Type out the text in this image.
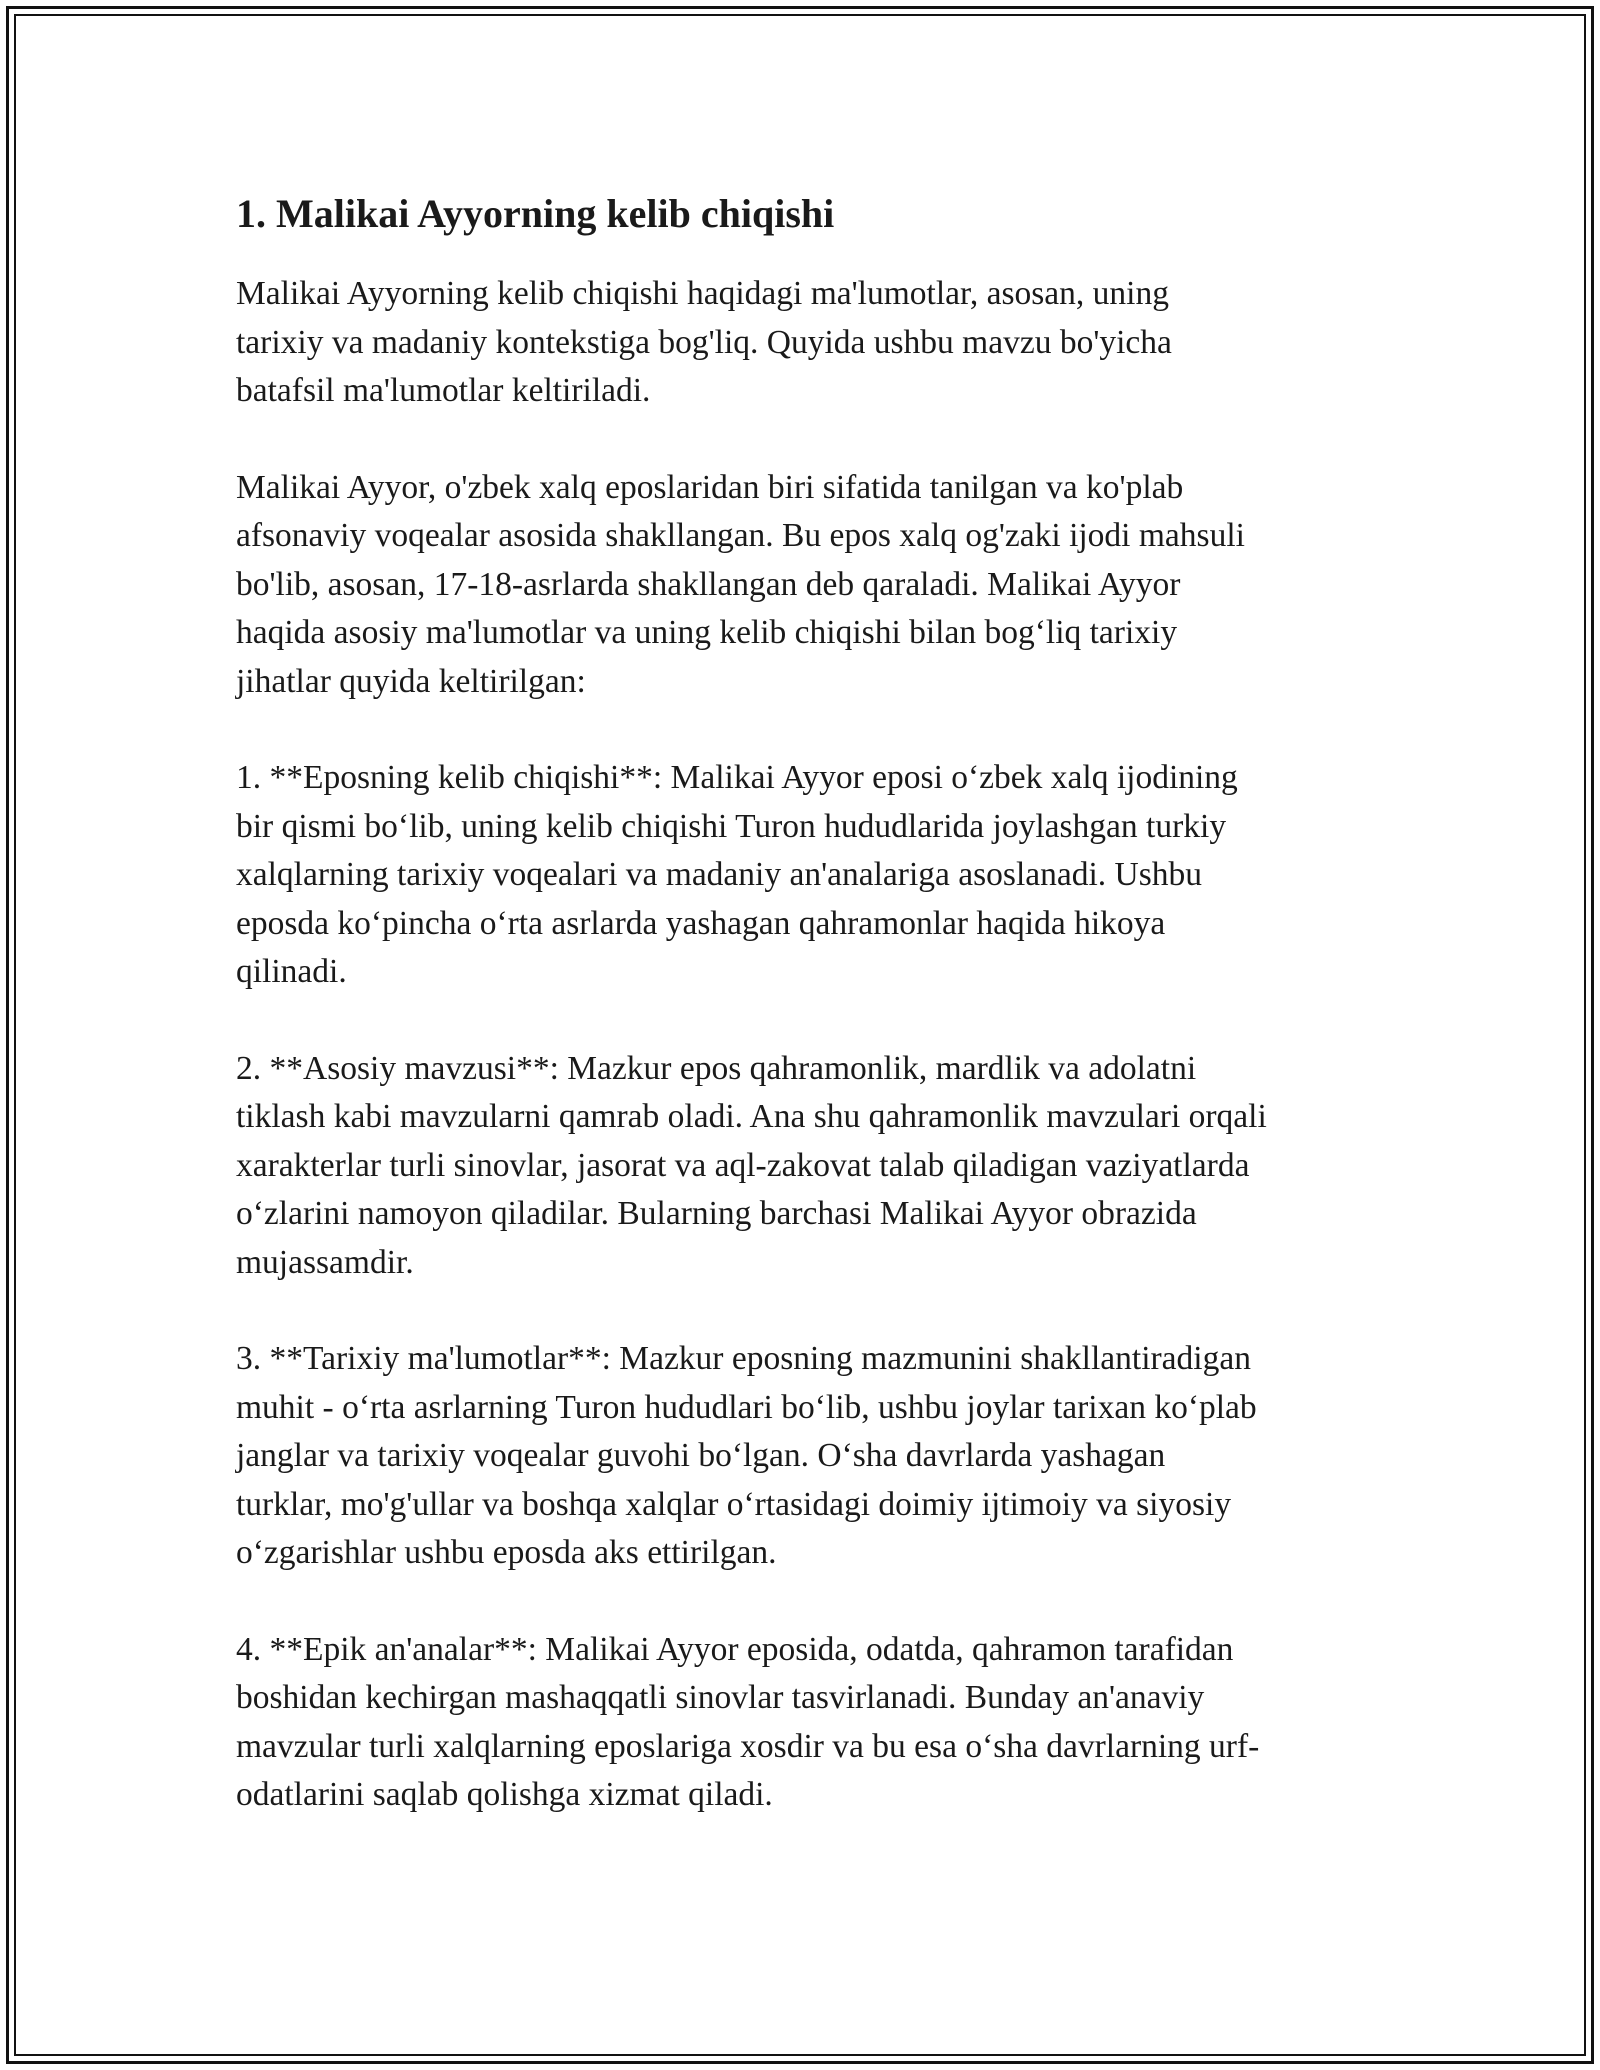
1. Malikai Ayyorning kelib chiqishi

Malikai Ayyorning kelib chiqishi haqidagi ma'lumotlar, asosan, uning
tarixiy va madaniy kontekstiga bog'liq. Quyida ushbu mavzu bo'yicha
batafsil ma'lumotlar keltiriladi.

Malikai Ayyor, o'zbek xalq eposlaridan biri sifatida tanilgan va ko'plab
afsonaviy voqealar asosida shakllangan. Bu epos xalq og'zaki ijodi mahsuli
bo'lib, asosan, 17-18-asrlarda shakllangan deb qaraladi. Malikai Ayyor
haqida asosiy ma'lumotlar va uning kelib chiqishi bilan bog‘liq tarixiy
jihatlar quyida keltirilgan:

1. **Eposning kelib chiqishi**: Malikai Ayyor eposi o‘zbek xalq ijodining
bir qismi bo‘lib, uning kelib chiqishi Turon hududlarida joylashgan turkiy
xalqlarning tarixiy voqealari va madaniy an'analariga asoslanadi. Ushbu
eposda ko‘pincha o‘rta asrlarda yashagan qahramonlar haqida hikoya
qilinadi.

2. **Asosiy mavzusi**: Mazkur epos qahramonlik, mardlik va adolatni
tiklash kabi mavzularni qamrab oladi. Ana shu qahramonlik mavzulari orqali
xarakterlar turli sinovlar, jasorat va aql-zakovat talab qiladigan vaziyatlarda
o‘zlarini namoyon qiladilar. Bularning barchasi Malikai Ayyor obrazida
mujassamdir.

3. **Tarixiy ma'lumotlar**: Mazkur eposning mazmunini shakllantiradigan
muhit - o‘rta asrlarning Turon hududlari bo‘lib, ushbu joylar tarixan ko‘plab
janglar va tarixiy voqealar guvohi bo‘lgan. O‘sha davrlarda yashagan
turklar, mo'g'ullar va boshqa xalqlar o‘rtasidagi doimiy ijtimoiy va siyosiy
o‘zgarishlar ushbu eposda aks ettirilgan.

4. **Epik an'analar**: Malikai Ayyor eposida, odatda, qahramon tarafidan
boshidan kechirgan mashaqqatli sinovlar tasvirlanadi. Bunday an'anaviy
mavzular turli xalqlarning eposlariga xosdir va bu esa o‘sha davrlarning urf-
odatlarini saqlab qolishga xizmat qiladi.
